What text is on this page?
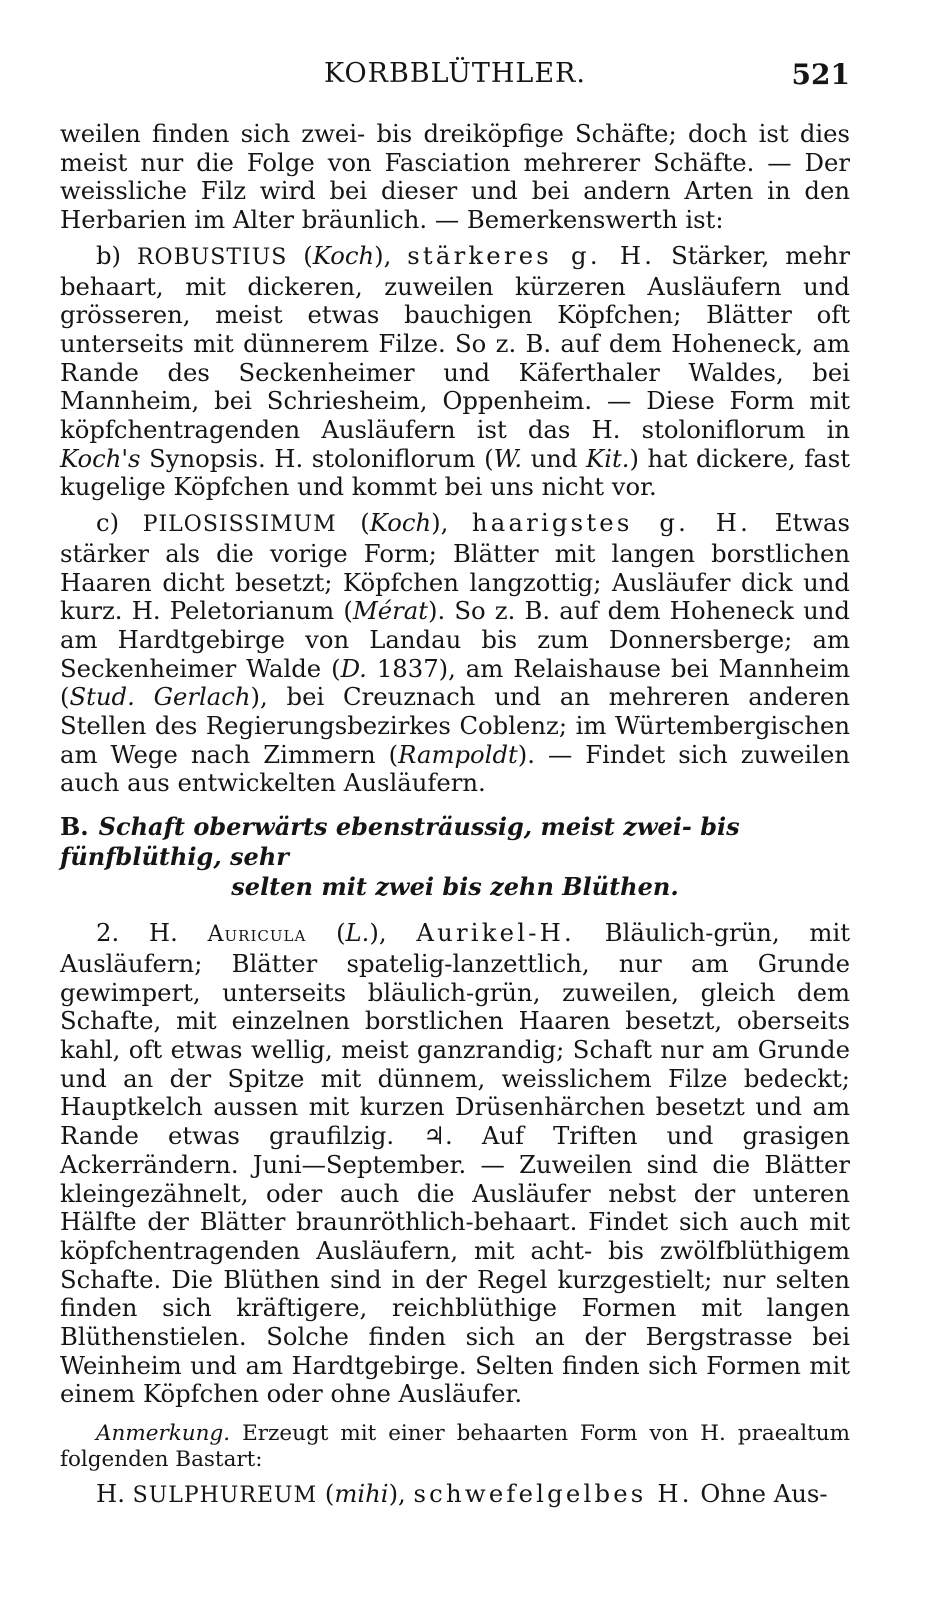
KORBBLÜTHLER.	521

weilen finden sich zwei- bis dreiköpfige Schäfte; doch ist dies meist nur die Folge von Fasciation mehrerer Schäfte. — Der weissliche Filz wird bei dieser und bei andern Arten in den Herbarien im Alter bräunlich. — Bemerkenswerth ist:

b) ROBUSTIUS (Koch), stärkeres g. H. Stärker, mehr behaart, mit dickeren, zuweilen kürzeren Ausläufern und grösseren, meist etwas bauchigen Köpfchen; Blätter oft unterseits mit dünnerem Filze. So z. B. auf dem Hoheneck, am Rande des Seckenheimer und Käferthaler Waldes, bei Mannheim, bei Schriesheim, Oppenheim. — Diese Form mit köpfchentragenden Ausläufern ist das H. stoloniflorum in Koch's Synopsis. H. stoloniflorum (W. und Kit.) hat dickere, fast kugelige Köpfchen und kommt bei uns nicht vor.

c) PILOSISSIMUM (Koch), haarigstes g. H. Etwas stärker als die vorige Form; Blätter mit langen borstlichen Haaren dicht besetzt; Köpfchen langzottig; Ausläufer dick und kurz. H. Peletorianum (Mérat). So z. B. auf dem Hoheneck und am Hardtgebirge von Landau bis zum Donnersberge; am Seckenheimer Walde (D. 1837), am Relaishause bei Mannheim (Stud. Gerlach), bei Creuznach und an mehreren anderen Stellen des Regierungsbezirkes Coblenz; im Würtembergischen am Wege nach Zimmern (Rampoldt). — Findet sich zuweilen auch aus entwickelten Ausläufern.

B. Schaft oberwärts ebensträussig, meist zwei- bis fünfblüthig, sehr
selten mit zwei bis zehn Blüthen.

2. H. Auricula (L.), Aurikel-H. Bläulich-grün, mit Ausläufern; Blätter spatelig-lanzettlich, nur am Grunde gewimpert, unterseits bläulich-grün, zuweilen, gleich dem Schafte, mit einzelnen borstlichen Haaren besetzt, oberseits kahl, oft etwas wellig, meist ganzrandig; Schaft nur am Grunde und an der Spitze mit dünnem, weisslichem Filze bedeckt; Hauptkelch aussen mit kurzen Drüsenhärchen besetzt und am Rande etwas graufilzig. ♃. Auf Triften und grasigen Ackerrändern. Juni—September. — Zuweilen sind die Blätter kleingezähnelt, oder auch die Ausläufer nebst der unteren Hälfte der Blätter braunröthlich-behaart. Findet sich auch mit köpfchentragenden Ausläufern, mit acht- bis zwölfblüthigem Schafte. Die Blüthen sind in der Regel kurzgestielt; nur selten finden sich kräftigere, reichblüthige Formen mit langen Blüthenstielen. Solche finden sich an der Bergstrasse bei Weinheim und am Hardtgebirge. Selten finden sich Formen mit einem Köpfchen oder ohne Ausläufer.

Anmerkung. Erzeugt mit einer behaarten Form von H. praealtum folgenden Bastart:

H. SULPHUREUM (mihi), schwefelgelbes H. Ohne Aus-
